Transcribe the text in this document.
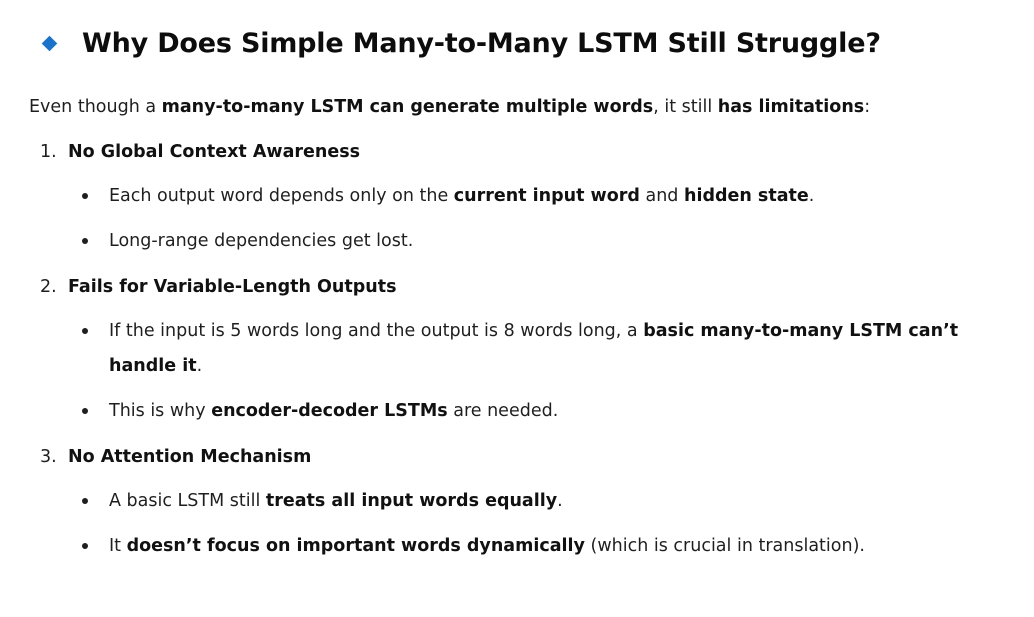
Why Does Simple Many-to-Many LSTM Still Struggle?
Even though a many-to-many LSTM can generate multiple words, it still has limitations:
1. No Global Context Awareness
Each output word depends only on the current input word and hidden state.
Long-range dependencies get lost.
2. Fails for Variable-Length Outputs
If the input is 5 words long and the output is 8 words long, a basic many-to-many LSTM can’t handle it.
This is why encoder-decoder LSTMs are needed.
3. No Attention Mechanism
A basic LSTM still treats all input words equally.
It doesn’t focus on important words dynamically (which is crucial in translation).
